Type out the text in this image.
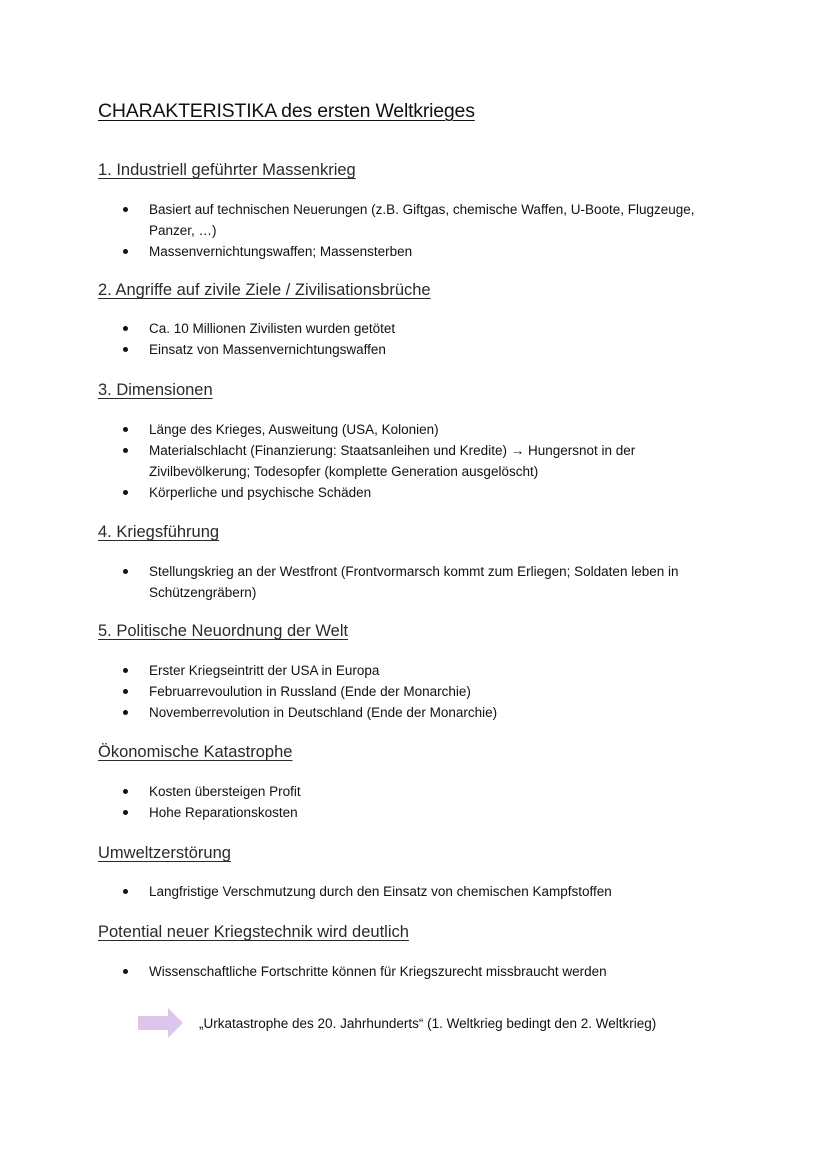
CHARAKTERISTIKA des ersten Weltkrieges
1. Industriell geführter Massenkrieg
Basiert auf technischen Neuerungen (z.B. Giftgas, chemische Waffen, U-Boote, Flugzeuge, Panzer, …)
Massenvernichtungswaffen; Massensterben
2. Angriffe auf zivile Ziele / Zivilisationsbrüche
Ca. 10 Millionen Zivilisten wurden getötet
Einsatz von Massenvernichtungswaffen
3. Dimensionen
Länge des Krieges, Ausweitung (USA, Kolonien)
Materialschlacht (Finanzierung: Staatsanleihen und Kredite) → Hungersnot in der Zivilbevölkerung; Todesopfer (komplette Generation ausgelöscht)
Körperliche und psychische Schäden
4. Kriegsführung
Stellungskrieg an der Westfront (Frontvormarsch kommt zum Erliegen; Soldaten leben in Schützengräbern)
5. Politische Neuordnung der Welt
Erster Kriegseintritt der USA in Europa
Februarrevoulution in Russland (Ende der Monarchie)
Novemberrevolution in Deutschland (Ende der Monarchie)
Ökonomische Katastrophe
Kosten übersteigen Profit
Hohe Reparationskosten
Umweltzerstörung
Langfristige Verschmutzung durch den Einsatz von chemischen Kampfstoffen
Potential neuer Kriegstechnik wird deutlich
Wissenschaftliche Fortschritte können für Kriegszurecht missbraucht werden
„Urkatastrophe des 20. Jahrhunderts“ (1. Weltkrieg bedingt den 2. Weltkrieg)
